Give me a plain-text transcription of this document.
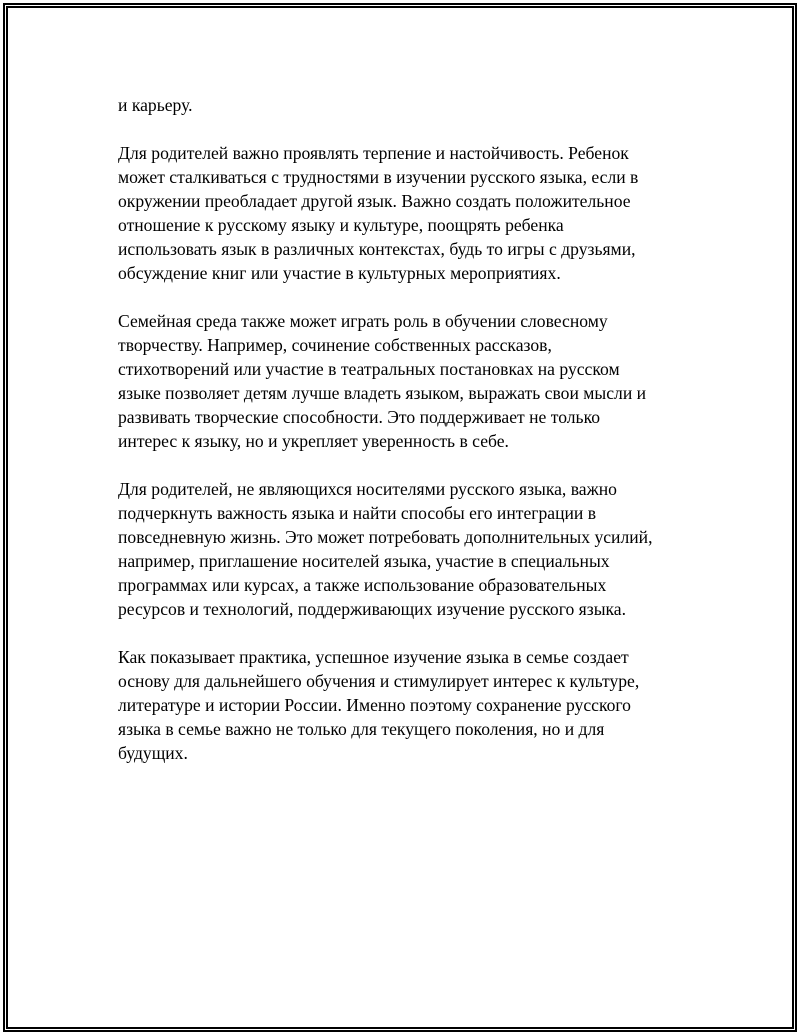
и карьеру.

Для родителей важно проявлять терпение и настойчивость. Ребенок
может сталкиваться с трудностями в изучении русского языка, если в
окружении преобладает другой язык. Важно создать положительное
отношение к русскому языку и культуре, поощрять ребенка
использовать язык в различных контекстах, будь то игры с друзьями,
обсуждение книг или участие в культурных мероприятиях.

Семейная среда также может играть роль в обучении словесному
творчеству. Например, сочинение собственных рассказов,
стихотворений или участие в театральных постановках на русском
языке позволяет детям лучше владеть языком, выражать свои мысли и
развивать творческие способности. Это поддерживает не только
интерес к языку, но и укрепляет уверенность в себе.

Для родителей, не являющихся носителями русского языка, важно
подчеркнуть важность языка и найти способы его интеграции в
повседневную жизнь. Это может потребовать дополнительных усилий,
например, приглашение носителей языка, участие в специальных
программах или курсах, а также использование образовательных
ресурсов и технологий, поддерживающих изучение русского языка.

Как показывает практика, успешное изучение языка в семье создает
основу для дальнейшего обучения и стимулирует интерес к культуре,
литературе и истории России. Именно поэтому сохранение русского
языка в семье важно не только для текущего поколения, но и для
будущих.
